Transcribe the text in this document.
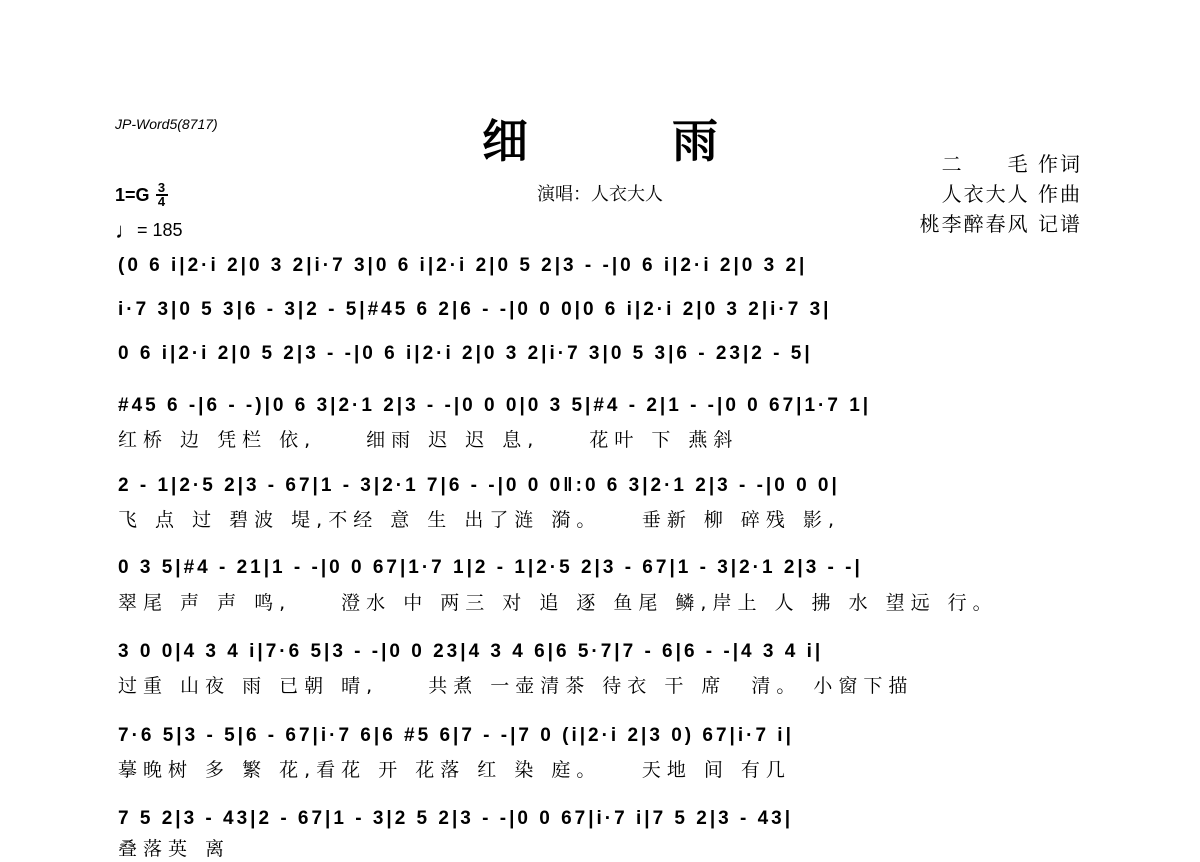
JP-Word5(8717)	细 雨
演唱：人衣大人
二　　毛 作词
人衣大人 作曲
桃李醉春风 记谱
$1=G \frac{3}{4}$
♩= 185
(0 6 i|2·i 2|0 3 2|i·7 3|0 6 i|2·i 2|0 5 2|3 - -|0 6 i|2·i 2|0 3 2|
i·7 3|0 5 3|6 - 3|2 - 5|#45 6 2|6 - -|0 0 0|0 6 i|2·i 2|0 3 2|i·7 3|
0 6 i|2·i 2|0 5 2|3 - -|0 6 i|2·i 2|0 3 2|i·7 3|0 5 3|6 - 23|2 - 5|
#45 6 -|6 - -)|0 6 3|2·1 2|3 - -|0 0 0|0 3 5|#4 - 2|1 - -|0 0 67|1·7 1|
红桥 边 凭栏 依,　　细雨 迟 迟 息,　　花叶 下 燕斜
2 - 1|2·5 2|3 - 67|1 - 3|2·1 7|6 - -|0 0 0‖:0 6 3|2·1 2|3 - -|0 0 0|
飞 点 过 碧波 堤,不经 意 生 出了涟 漪。　　垂新 柳 碎残 影,
0 3 5|#4 - 21|1 - -|0 0 67|1·7 1|2 - 1|2·5 2|3 - 67|1 - 3|2·1 2|3 - -|
翠尾 声 声 鸣,　　澄水 中 两三 对 追 逐 鱼尾 鳞,岸上 人 拂 水 望远 行。
3 0 0|4 3 4 i|7·6 5|3 - -|0 0 23|4 3 4 6|6 5·7|7 - 6|6 - -|4 3 4 i|
过重 山夜 雨 已朝 晴,　　共煮 一壶清茶 待衣 干 席　清。 小窗下描
7·6 5|3 - 5|6 - 67|i·7 6|6 #5 6|7 - -|7 0 (i|2·i 2|3 0) 67|i·7 i|
摹晚树 多 繁 花,看花 开 花落 红 染 庭。　　天地 间 有几
7 5 2|3 - 43|2 - 67|1 - 3|2 5 2|3 - -|0 0 67|i·7 i|7 5 2|3 - 43|
叠落英 离
